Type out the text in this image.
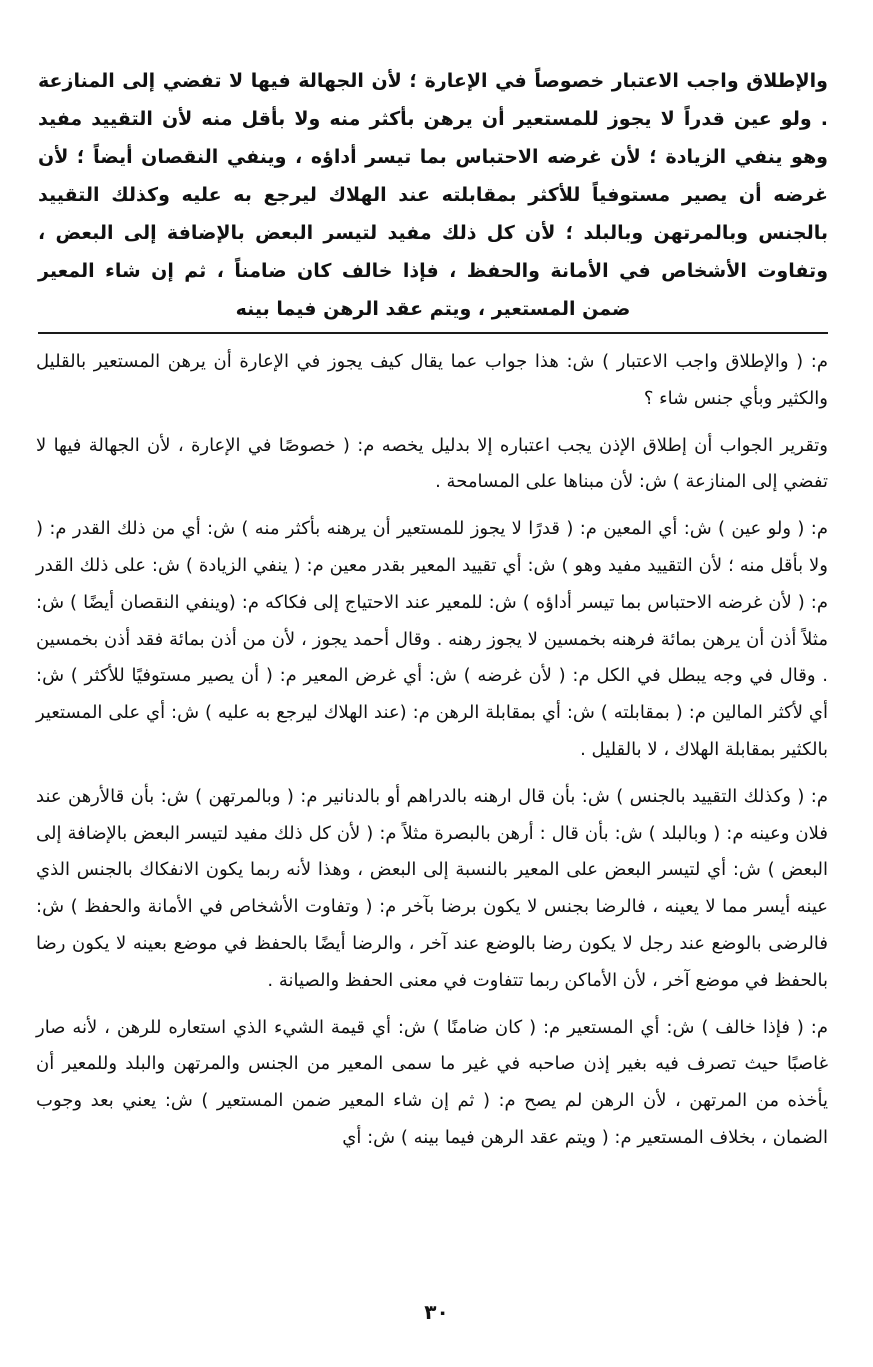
والإطلاق واجب الاعتبار خصوصاً في الإعارة ؛ لأن الجهالة فيها لا تفضي إلى المنازعة . ولو عين قدراً لا يجوز للمستعير أن يرهن بأكثر منه ولا بأقل منه لأن التقييد مفيد وهو ينفي الزيادة ؛ لأن غرضه الاحتباس بما تيسر أداؤه ، وينفي النقصان أيضاً ؛ لأن غرضه أن يصير مستوفياً للأكثر بمقابلته عند الهلاك ليرجع به عليه وكذلك التقييد بالجنس وبالمرتهن وبالبلد ؛ لأن كل ذلك مفيد لتيسر البعض بالإضافة إلى البعض ، وتفاوت الأشخاص في الأمانة والحفظ ، فإذا خالف كان ضامناً ، ثم إن شاء المعير ضمن المستعير ، ويتم عقد الرهن فيما بينه

م: ( والإطلاق واجب الاعتبار ) ش: هذا جواب عما يقال كيف يجوز في الإعارة أن يرهن المستعير بالقليل والكثير وبأي جنس شاء ؟

وتقرير الجواب أن إطلاق الإذن يجب اعتباره إلا بدليل يخصه م: ( خصوصًا في الإعارة ، لأن الجهالة فيها لا تفضي إلى المنازعة ) ش: لأن مبناها على المسامحة .

م: ( ولو عين ) ش: أي المعين م: ( قدرًا لا يجوز للمستعير أن يرهنه بأكثر منه ) ش: أي من ذلك القدر م: ( ولا بأقل منه ؛ لأن التقييد مفيد وهو ) ش: أي تقييد المعير بقدر معين م: ( ينفي الزيادة ) ش: على ذلك القدر م: ( لأن غرضه الاحتباس بما تيسر أداؤه ) ش: للمعير عند الاحتياج إلى فكاكه م: (وينفي النقصان أيضًا ) ش: مثلاً أذن أن يرهن بمائة فرهنه بخمسين لا يجوز رهنه . وقال أحمد يجوز ، لأن من أذن بمائة فقد أذن بخمسين . وقال في وجه يبطل في الكل م: ( لأن غرضه ) ش: أي غرض المعير م: ( أن يصير مستوفيًا للأكثر ) ش: أي لأكثر المالين م: ( بمقابلته ) ش: أي بمقابلة الرهن م: (عند الهلاك ليرجع به عليه ) ش: أي على المستعير بالكثير بمقابلة الهلاك ، لا بالقليل .

م: ( وكذلك التقييد بالجنس ) ش: بأن قال ارهنه بالدراهم أو بالدنانير م: ( وبالمرتهن ) ش: بأن قالأرهن عند فلان وعينه م: ( وبالبلد ) ش: بأن قال : أرهن بالبصرة مثلاً م: ( لأن كل ذلك مفيد لتيسر البعض بالإضافة إلى البعض ) ش: أي لتيسر البعض على المعير بالنسبة إلى البعض ، وهذا لأنه ربما يكون الانفكاك بالجنس الذي عينه أيسر مما لا يعينه ، فالرضا بجنس لا يكون برضا بآخر م: ( وتفاوت الأشخاص في الأمانة والحفظ ) ش: فالرضى بالوضع عند رجل لا يكون رضا بالوضع عند آخر ، والرضا أيضًا بالحفظ في موضع بعينه لا يكون رضا بالحفظ في موضع آخر ، لأن الأماكن ربما تتفاوت في معنى الحفظ والصيانة .

م: ( فإذا خالف ) ش: أي المستعير م: ( كان ضامنًا ) ش: أي قيمة الشيء الذي استعاره للرهن ، لأنه صار غاصبًا حيث تصرف فيه بغير إذن صاحبه في غير ما سمى المعير من الجنس والمرتهن والبلد وللمعير أن يأخذه من المرتهن ، لأن الرهن لم يصح م: ( ثم إن شاء المعير ضمن المستعير ) ش: يعني بعد وجوب الضمان ، بخلاف المستعير م: ( ويتم عقد الرهن فيما بينه ) ش: أي

٣٠
